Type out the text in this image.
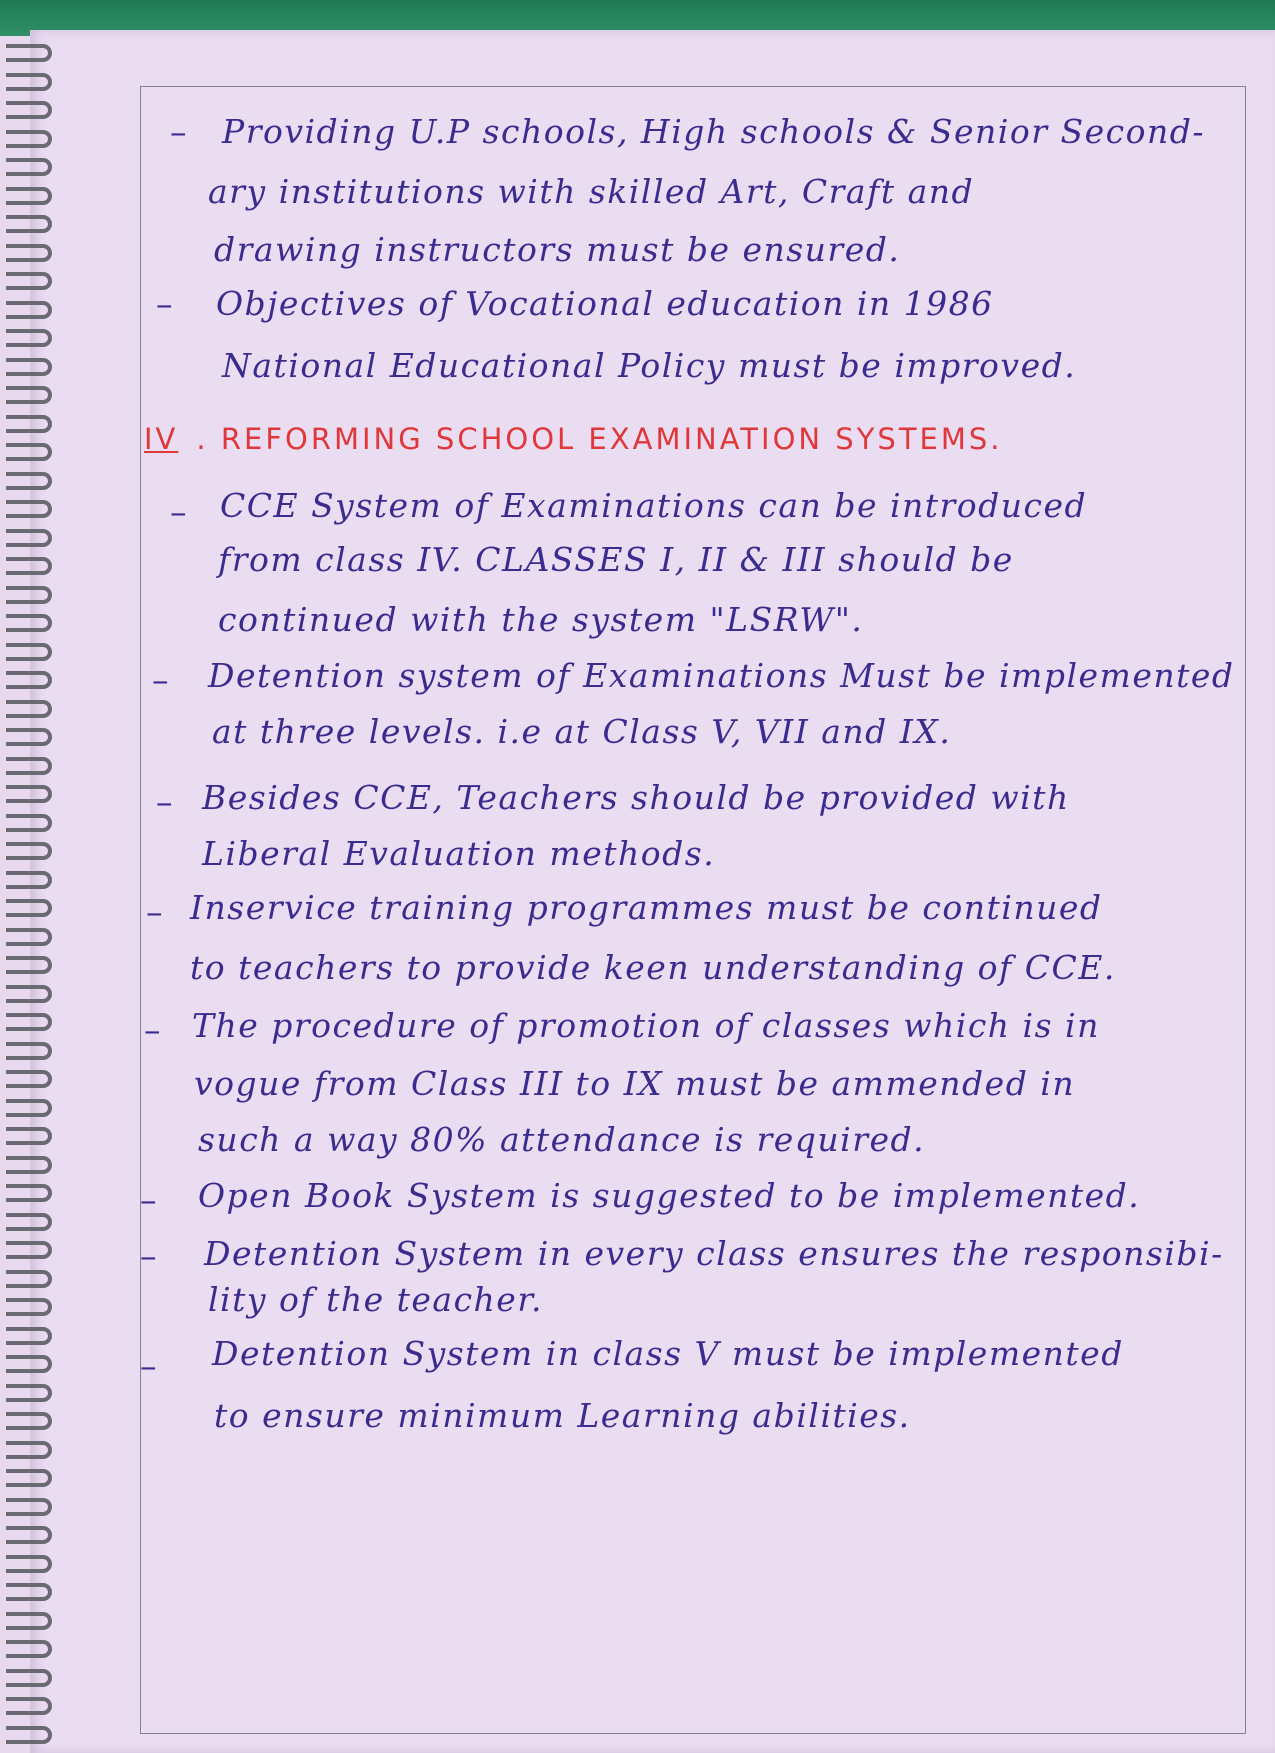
– Providing U.P schools, High schools & Senior Second-
ary institutions with skilled Art, Craft and
drawing instructors must be ensured.
– Objectives of Vocational education in 1986
National Educational Policy must be improved.
IV . REFORMING SCHOOL EXAMINATION SYSTEMS.
– CCE System of Examinations can be introduced
from class IV. CLASSES I, II & III should be
continued with the system "LSRW".
– Detention system of Examinations Must be implemented
at three levels. i.e at Class V, VII and IX.
– Besides CCE, Teachers should be provided with
Liberal Evaluation methods.
– Inservice training programmes must be continued
to teachers to provide keen understanding of CCE.
– The procedure of promotion of classes which is in
vogue from Class III to IX must be ammended in
such a way 80% attendance is required.
– Open Book System is suggested to be implemented.
– Detention System in every class ensures the responsibi-
lity of the teacher.
– Detention System in class V must be implemented
to ensure minimum Learning abilities.
